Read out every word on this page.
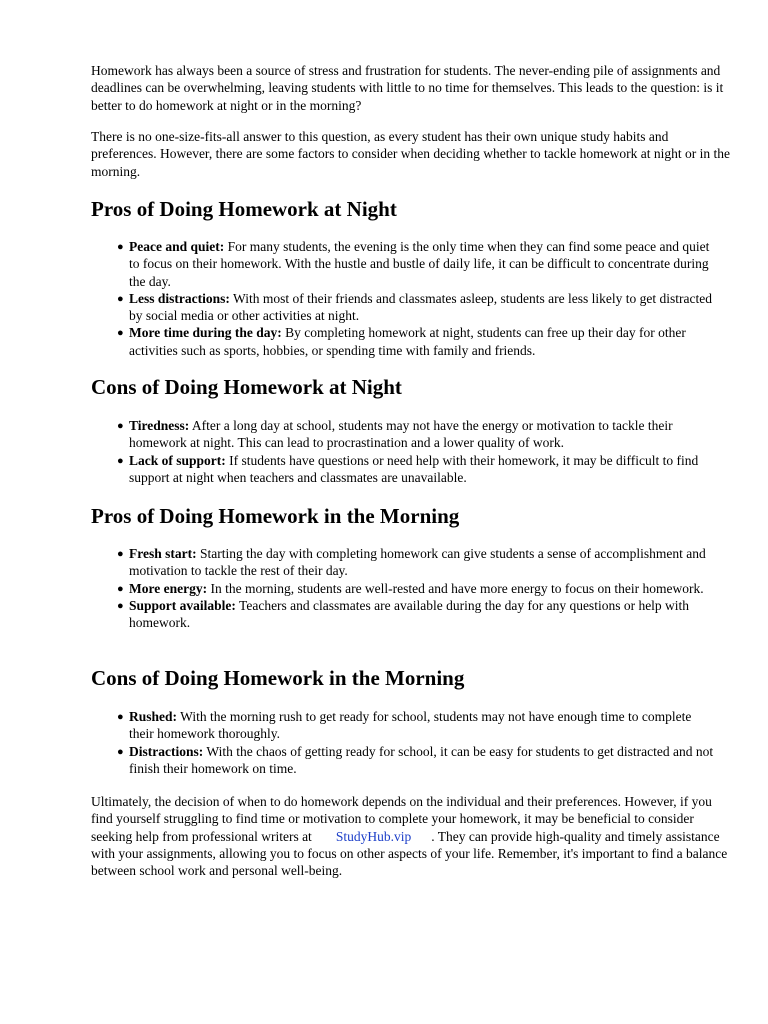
Homework has always been a source of stress and frustration for students. The never-ending pile of assignments and deadlines can be overwhelming, leaving students with little to no time for themselves. This leads to the question: is it better to do homework at night or in the morning?

There is no one-size-fits-all answer to this question, as every student has their own unique study habits and preferences. However, there are some factors to consider when deciding whether to tackle homework at night or in the morning.

Pros of Doing Homework at Night
● Peace and quiet: For many students, the evening is the only time when they can find some peace and quiet to focus on their homework. With the hustle and bustle of daily life, it can be difficult to concentrate during the day.
● Less distractions: With most of their friends and classmates asleep, students are less likely to get distracted by social media or other activities at night.
● More time during the day: By completing homework at night, students can free up their day for other activities such as sports, hobbies, or spending time with family and friends.
Cons of Doing Homework at Night
● Tiredness: After a long day at school, students may not have the energy or motivation to tackle their homework at night. This can lead to procrastination and a lower quality of work.
● Lack of support: If students have questions or need help with their homework, it may be difficult to find support at night when teachers and classmates are unavailable.
Pros of Doing Homework in the Morning
● Fresh start: Starting the day with completing homework can give students a sense of accomplishment and motivation to tackle the rest of their day.
● More energy: In the morning, students are well-rested and have more energy to focus on their homework.
● Support available: Teachers and classmates are available during the day for any questions or help with homework.
Cons of Doing Homework in the Morning
● Rushed: With the morning rush to get ready for school, students may not have enough time to complete their homework thoroughly.
● Distractions: With the chaos of getting ready for school, it can be easy for students to get distracted and not finish their homework on time.

Ultimately, the decision of when to do homework depends on the individual and their preferences. However, if you find yourself struggling to find time or motivation to complete your homework, it may be beneficial to consider seeking help from professional writers at StudyHub.vip . They can provide high-quality and timely assistance with your assignments, allowing you to focus on other aspects of your life. Remember, it's important to find a balance between school work and personal well-being.
